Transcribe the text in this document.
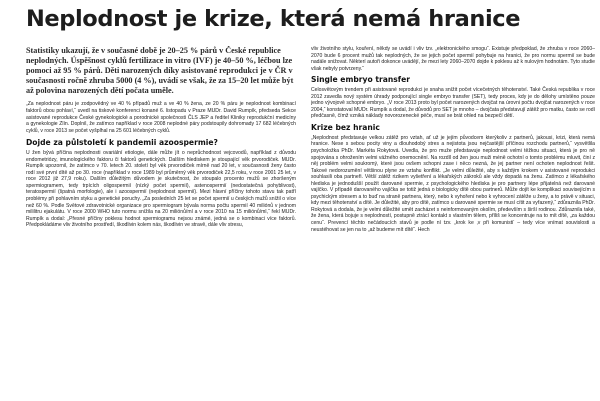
Neplodnost je krize, která nemá hranice

Statistiky ukazují, že v současné době je 20–25 % párů v České republice neplodných. Úspěšnost cyklů fertilizace in vitro (IVF) je 40–50 %, léčbou lze pomoci až 95 % párů. Děti narozených díky asistované reprodukci je v ČR v současnosti ročně zhruba 5000 (4 %), uvádí se však, že za 15–20 let může být až polovina narozených dětí počata uměle.

„Za neplodnost páru je zodpovědný ve 40 % případů muž a ve 40 % žena, ze 20 % páru je neplodnost kombinací faktorů obou pohlaví,“ uvedl na tiskové konferenci konané 6. listopadu v Praze MUDr. David Rumpík, předseda Sekce asistované reprodukce České gynekologické a porodnické společnosti ČLS JEP a ředitel Kliniky reprodukční medicíny a gynekologie Zlín. Doplnil, že zatímco například v roce 2008 neplodné páry podstoupily dohromady 17 682 léčebných cyklů, v roce 2013 se počet vyšplhal na 25 601 léčebných cyklů.

Dojde za půlstoletí k pandemii azoospermie?

U žen bývá příčina neplodnosti ovariální etiologie, dále může jít o neprůchodnost vejcovodů, například z důvodu endometriózy, imunologického faktoru či faktorů genetických. Dalším hlediskem je stoupající věk prvorodiček. MUDr. Rumpík upozornil, že zatímco v 70. letech 20. století byl věk prvorodiček mírně nad 20 let, v současnosti ženy často rodí své první dítě až po 30. roce (například v roce 1989 byl průměrný věk prvorodiček 22,5 roku, v roce 2001 25 let, v roce 2012 již 27,9 roku). Dalším důležitým důvodem je skutečnost, že stoupalo procento mužů se zhoršeným spermiogramem, tedy trpících oligospermií (nízký počet spermií), astenospermií (nedostatečná pohyblivost), teratospermií (špatná morfologie), ale i azoospermií (neplodnost spermií). Mezi hlavní příčiny tohoto stavu tak patří problémy při pohlavním styku a genetické poruchy. „Za posledních 25 let se počet spermií u českých mužů snížil o více než 60 %. Podle Světové zdravotnické organizace pro spermiogram bývala norma počtu spermií 40 miliónů v jednom mililitru ejakulátu. V roce 2000 WHO tuto normu snížila na 20 miliónů/ml a v roce 2010 na 15 miliónů/ml,“ řekl MUDr. Rumpík a dodal: „Přesné příčiny poklesu hodnot spermiogramu nejsou známé, jedná se o kombinaci více faktorů. Předpokládáme vliv životního prostředí, škodlivin kolem nás, škodlivin ve stravě, dále vliv stresu,

vliv životního stylu, kouření, někdy se uvádí i vliv tzv. „elektronického smogu“. Existuje předpoklad, že zhruba v roce 2060–2070 bude 6 procent mužů tak neplodných, že se jejich počet spermií pohybuje na hranici, že pro normu spermií se bude nadále snižovat. Některí autoři dokonce uvádějí, že mezi lety 2060–2070 dojde k poklesu až k nulovým hodnotám. Tyto studie však nebyly potvrzeny.“

Single embryo transfer

Celosvětovým trendem při asistované reprodukci je snaha snížit počet vícečetných těhotenství. Také Česká republika v roce 2012 zavedla nový systém úhrady podporující single embryo transfer (SET), tedy proces, kdy je do dělohy umístěno pouze jedno vývojově schopné embryo. „V roce 2013 proto byl počet narozených dvojčat na úrovni počtu dvojčat narozených v roce 2004,“ konstatoval MUDr. Rumpík a dodal, že důvodů pro SET je mnoho – dvojčata představují zátěž pro matku, často se rodí předčasně, čímž vzniká náklady novorozenecké péče, musí se brát ohled na bezpečí dětí.

Krize bez hranic

„Neplodnost představuje velkou zátěž pro vztah, ať už je jejím původcem kterýkoliv z partnerů, jakousi, krizi, která nemá hranice. Nese s sebou pocity viny a dlouhodobý stres a nejistota jsou nejčastější příčinou rozchodu partnerů,“ vysvětlila psycholožka PhDr. Markéta Rokytová. Uvedla, že pro muže představuje neplodnost velmi těžkou situaci, která je pro ně spojována s ohrožením velmi vážného onemocnění. Na rozdíl od žen jsou muži méně ochotní o tomto problému mluvit, činí z něj problém velmi soukromý, které jsou ovšem schopni zase i něco nezná, že jej partner není ochoten neplodnost řešit. Takové nedorozumění většinou plyne ze vztahu konflikt. „Je velmi důležité, aby s každým krokem v asistované reprodukci souhlasili oba partneři. Větší zátěž rizikem vyšetření a lékařských zákroků ale vždy dopadá na ženu. Zatímco z lékařského hlediska je jednodušší použít darované spermie, z psychologického hlediska je pro partnery lépe přijatelná než darované vajíčko. V případě darovaného vajíčka se totiž jedná o biologicky dítě obou partnerů. Může dojít ke komplikaci souvisejícím s psychickým stresem a to buď na straně partnera, který, nebo k vyhoření nebo k vyhrocení zátěže u ženy, a to právě v situaci, kdy mezi těhotenství a dítě. Je důležité, aby pro dítě, zatímco u darované spermie se musí cítit za vyřazený,“ zdůraznila PhDr. Rokytová a dodala, že je velmi důležité umět zacházet s neinformovaným okolím, především s širší rodinou. Zdůraznila také, že žena, která bojuje s neplodností, postupně ztrácí kontakt s vlastním tělem, příliš se koncentruje na to mít dítě, „za každou cenu“. Prevencí těchto nečádoucích stavů je podle ní tzv. „krok ke ‚v při komunisti‘ – tedy více vnímat souvislosti a neustéhovat se jen na to „až budeme mít dítě“. Hech
